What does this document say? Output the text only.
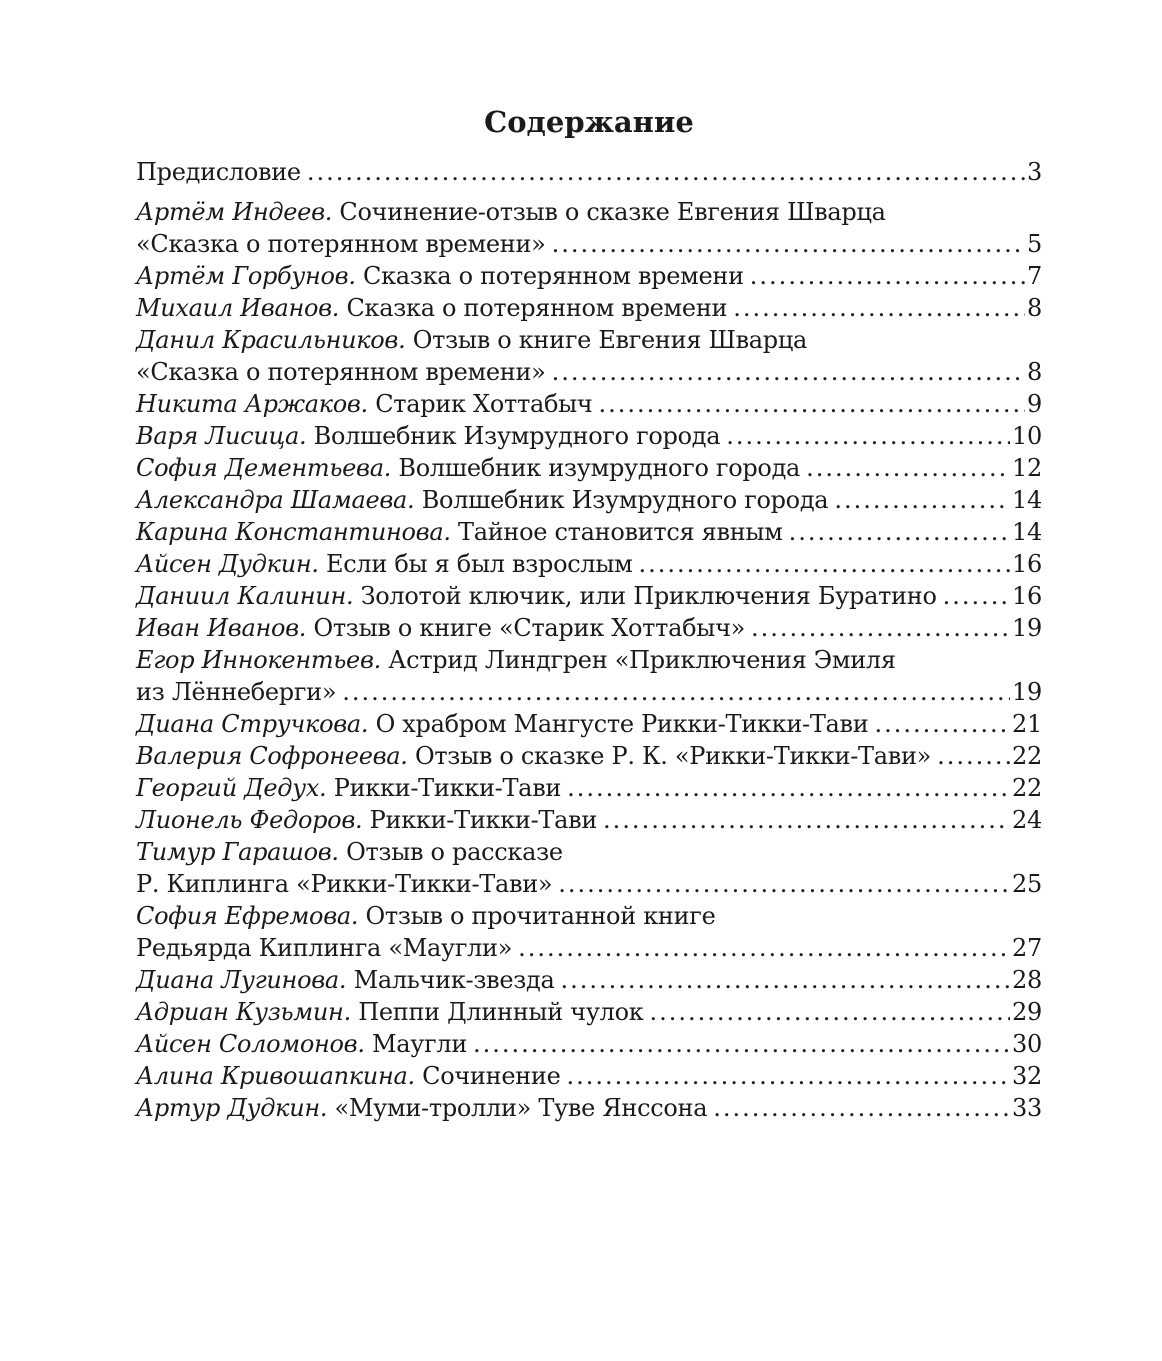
Содержание
Предисловие .....	3
Артём Индеев. Сочинение-отзыв о сказке Евгения Шварца
«Сказка о потерянном времени» .....	5
Артём Горбунов. Сказка о потерянном времени .....	7
Михаил Иванов. Сказка о потерянном времени .....	8
Данил Красильников. Отзыв о книге Евгения Шварца
«Сказка о потерянном времени» .....	8
Никита Аржаков. Старик Хоттабыч .....	9
Варя Лисица. Волшебник Изумрудного города .....	10
София Дементьева. Волшебник изумрудного города .....	12
Александра Шамаева. Волшебник Изумрудного города .....	14
Карина Константинова. Тайное становится явным .....	14
Айсен Дудкин. Если бы я был взрослым .....	16
Даниил Калинин. Золотой ключик, или Приключения Буратино .....	16
Иван Иванов. Отзыв о книге «Старик Хоттабыч» .....	19
Егор Иннокентьев. Астрид Линдгрен «Приключения Эмиля
из Лённеберги» .....	19
Диана Стручкова. О храбром Мангусте Рикки-Тикки-Тави .....	21
Валерия Софронеева. Отзыв о сказке Р. К. «Рикки-Тикки-Тави» .....	22
Георгий Дедух. Рикки-Тикки-Тави .....	22
Лионель Федоров. Рикки-Тикки-Тави .....	24
Тимур Гарашов. Отзыв о рассказе
Р. Киплинга «Рикки-Тикки-Тави» .....	25
София Ефремова. Отзыв о прочитанной книге
Редьярда Киплинга «Маугли» .....	27
Диана Лугинова. Мальчик-звезда .....	28
Адриан Кузьмин. Пеппи Длинный чулок .....	29
Айсен Соломонов. Маугли .....	30
Алина Кривошапкина. Сочинение .....	32
Артур Дудкин. «Муми-тролли» Туве Янссона .....	33
